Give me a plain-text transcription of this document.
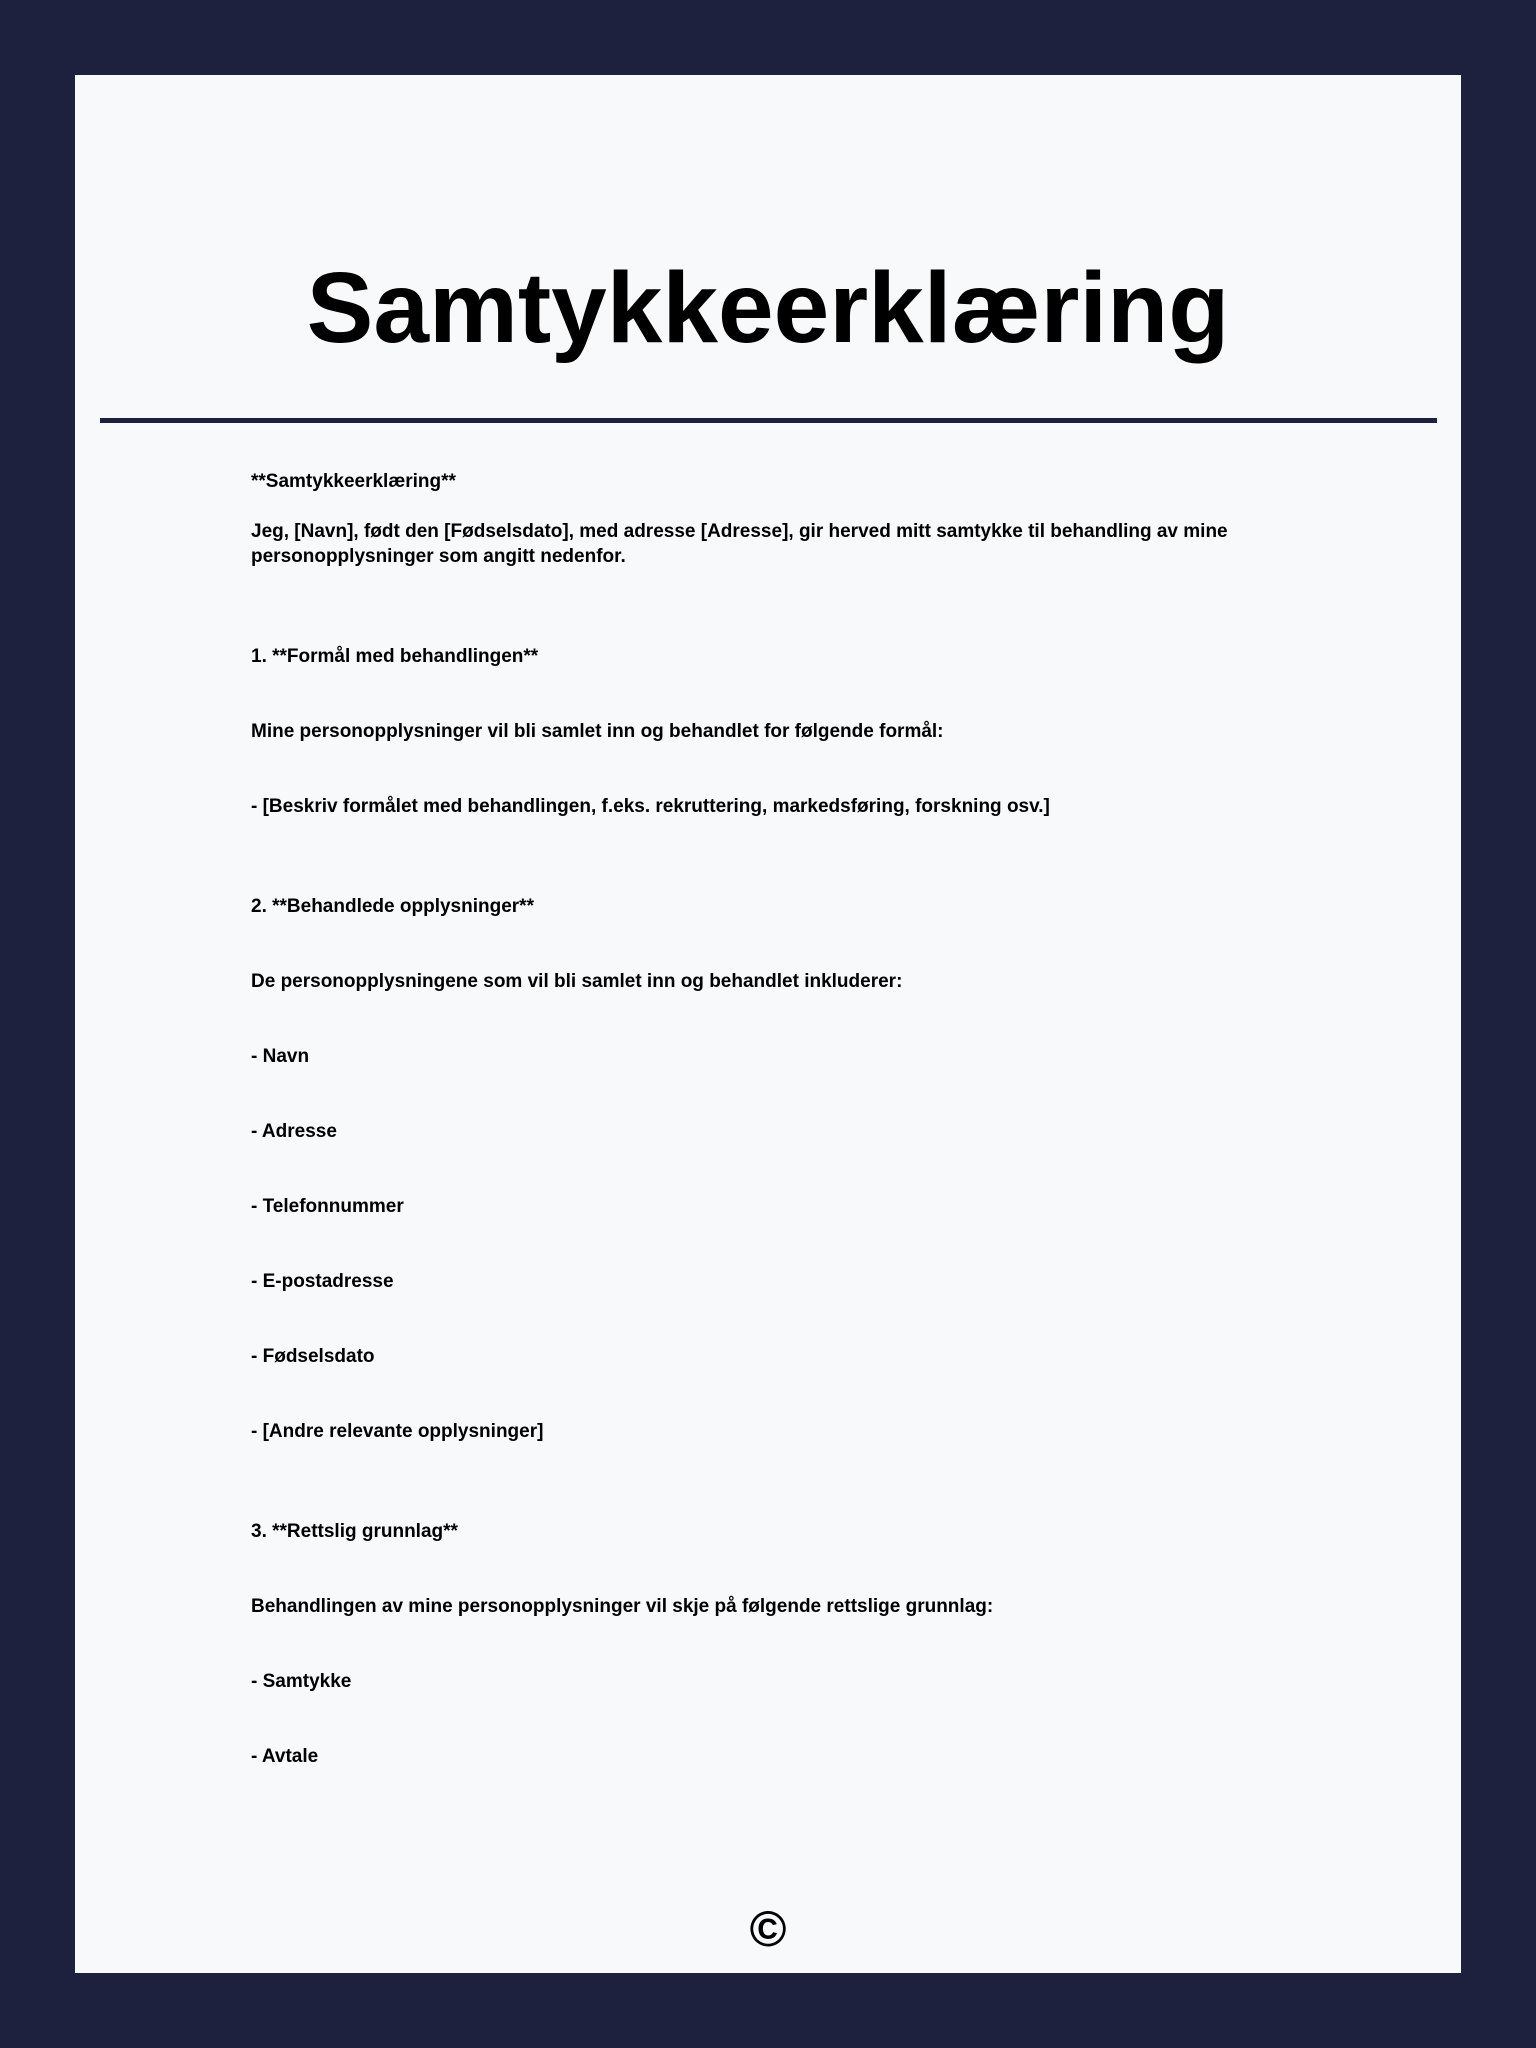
Samtykkeerklæring

**Samtykkeerklæring**

Jeg, [Navn], født den [Fødselsdato], med adresse [Adresse], gir herved mitt samtykke til behandling av mine personopplysninger som angitt nedenfor.

1. **Formål med behandlingen**

Mine personopplysninger vil bli samlet inn og behandlet for følgende formål:

- [Beskriv formålet med behandlingen, f.eks. rekruttering, markedsføring, forskning osv.]

2. **Behandlede opplysninger**

De personopplysningene som vil bli samlet inn og behandlet inkluderer:

- Navn

- Adresse

- Telefonnummer

- E-postadresse

- Fødselsdato

- [Andre relevante opplysninger]

3. **Rettslig grunnlag**

Behandlingen av mine personopplysninger vil skje på følgende rettslige grunnlag:

- Samtykke

- Avtale

©
